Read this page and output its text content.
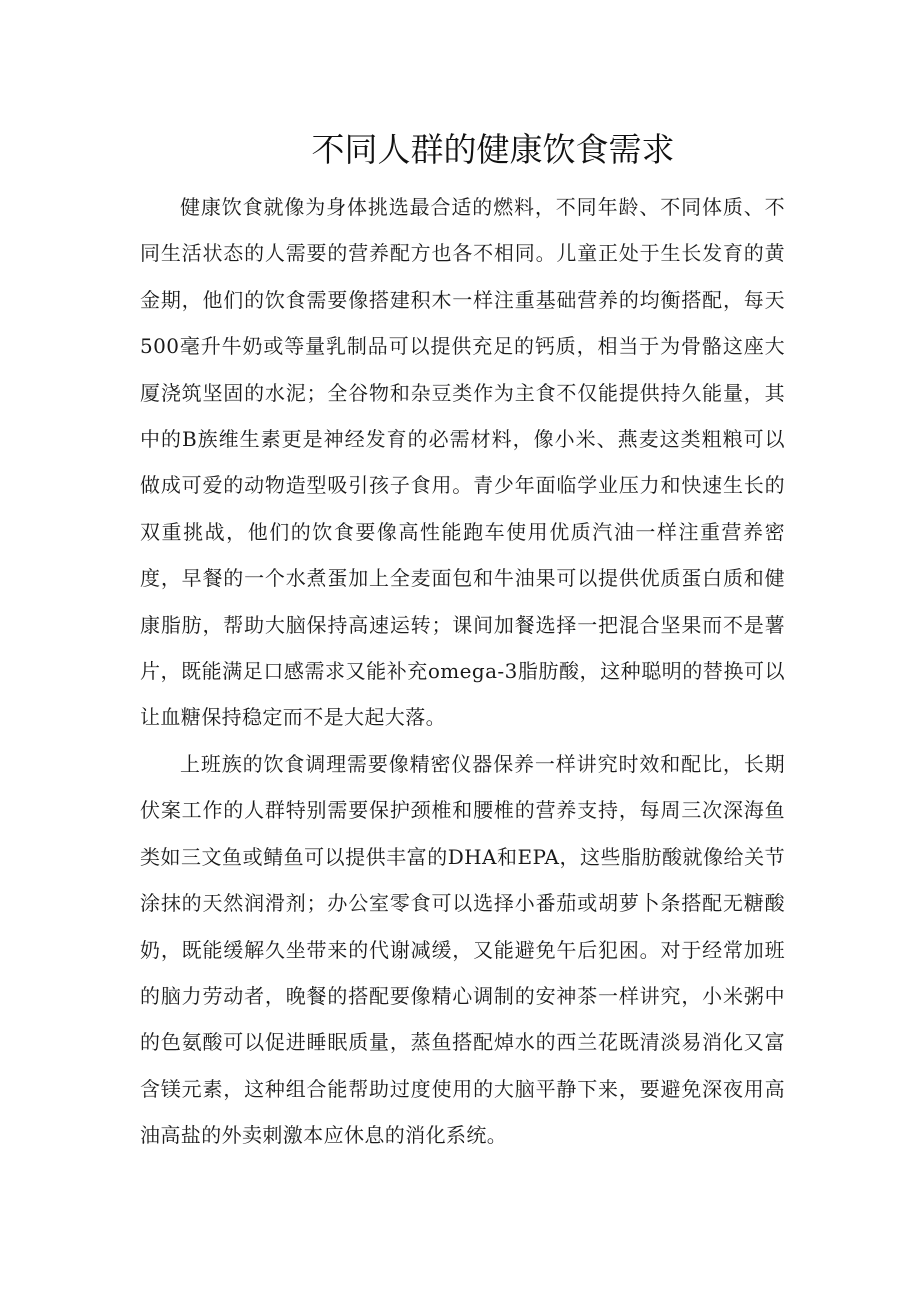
不同人群的健康饮食需求

健康饮食就像为身体挑选最合适的燃料，不同年龄、不同体质、不同生活状态的人需要的营养配方也各不相同。儿童正处于生长发育的黄金期，他们的饮食需要像搭建积木一样注重基础营养的均衡搭配，每天500毫升牛奶或等量乳制品可以提供充足的钙质，相当于为骨骼这座大厦浇筑坚固的水泥；全谷物和杂豆类作为主食不仅能提供持久能量，其中的B族维生素更是神经发育的必需材料，像小米、燕麦这类粗粮可以做成可爱的动物造型吸引孩子食用。青少年面临学业压力和快速生长的双重挑战，他们的饮食要像高性能跑车使用优质汽油一样注重营养密度，早餐的一个水煮蛋加上全麦面包和牛油果可以提供优质蛋白质和健康脂肪，帮助大脑保持高速运转；课间加餐选择一把混合坚果而不是薯片，既能满足口感需求又能补充omega-3脂肪酸，这种聪明的替换可以让血糖保持稳定而不是大起大落。

上班族的饮食调理需要像精密仪器保养一样讲究时效和配比，长期伏案工作的人群特别需要保护颈椎和腰椎的营养支持，每周三次深海鱼类如三文鱼或鲭鱼可以提供丰富的DHA和EPA，这些脂肪酸就像给关节涂抹的天然润滑剂；办公室零食可以选择小番茄或胡萝卜条搭配无糖酸奶，既能缓解久坐带来的代谢减缓，又能避免午后犯困。对于经常加班的脑力劳动者，晚餐的搭配要像精心调制的安神茶一样讲究，小米粥中的色氨酸可以促进睡眠质量，蒸鱼搭配焯水的西兰花既清淡易消化又富含镁元素，这种组合能帮助过度使用的大脑平静下来，要避免深夜用高油高盐的外卖刺激本应休息的消化系统。
